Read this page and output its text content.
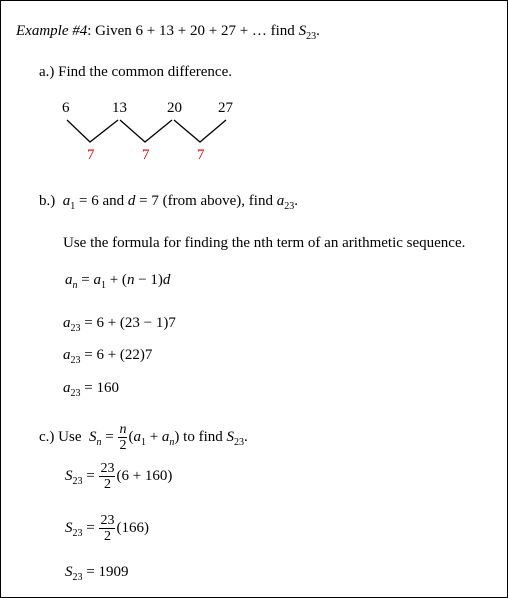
Example #4: Given 6 + 13 + 20 + 27 + … find $S_{23}$.
a.) Find the common difference.
6	13	20 27
7	7	7
b.) $a_1 = 6$ and d = 7 (from above), find $a_{23}$.
Use the formula for finding the nth term of an arithmetic sequence.
$a_n = a_1 + (n - 1)d$
$a_{23} = 6 + (23 - 1)7$
$a_{23} = 6 + (22)7$
$a_{23} = 160$
c.) Use $S_n = \frac{n}{2} (a_1 + a_n)$ to find $S_{23}$.
$S_{23} = \frac{23}{2} (6 + 160)$
$S_{23} = \frac{23}{2} (166)$
$S_{23} = 1909$
